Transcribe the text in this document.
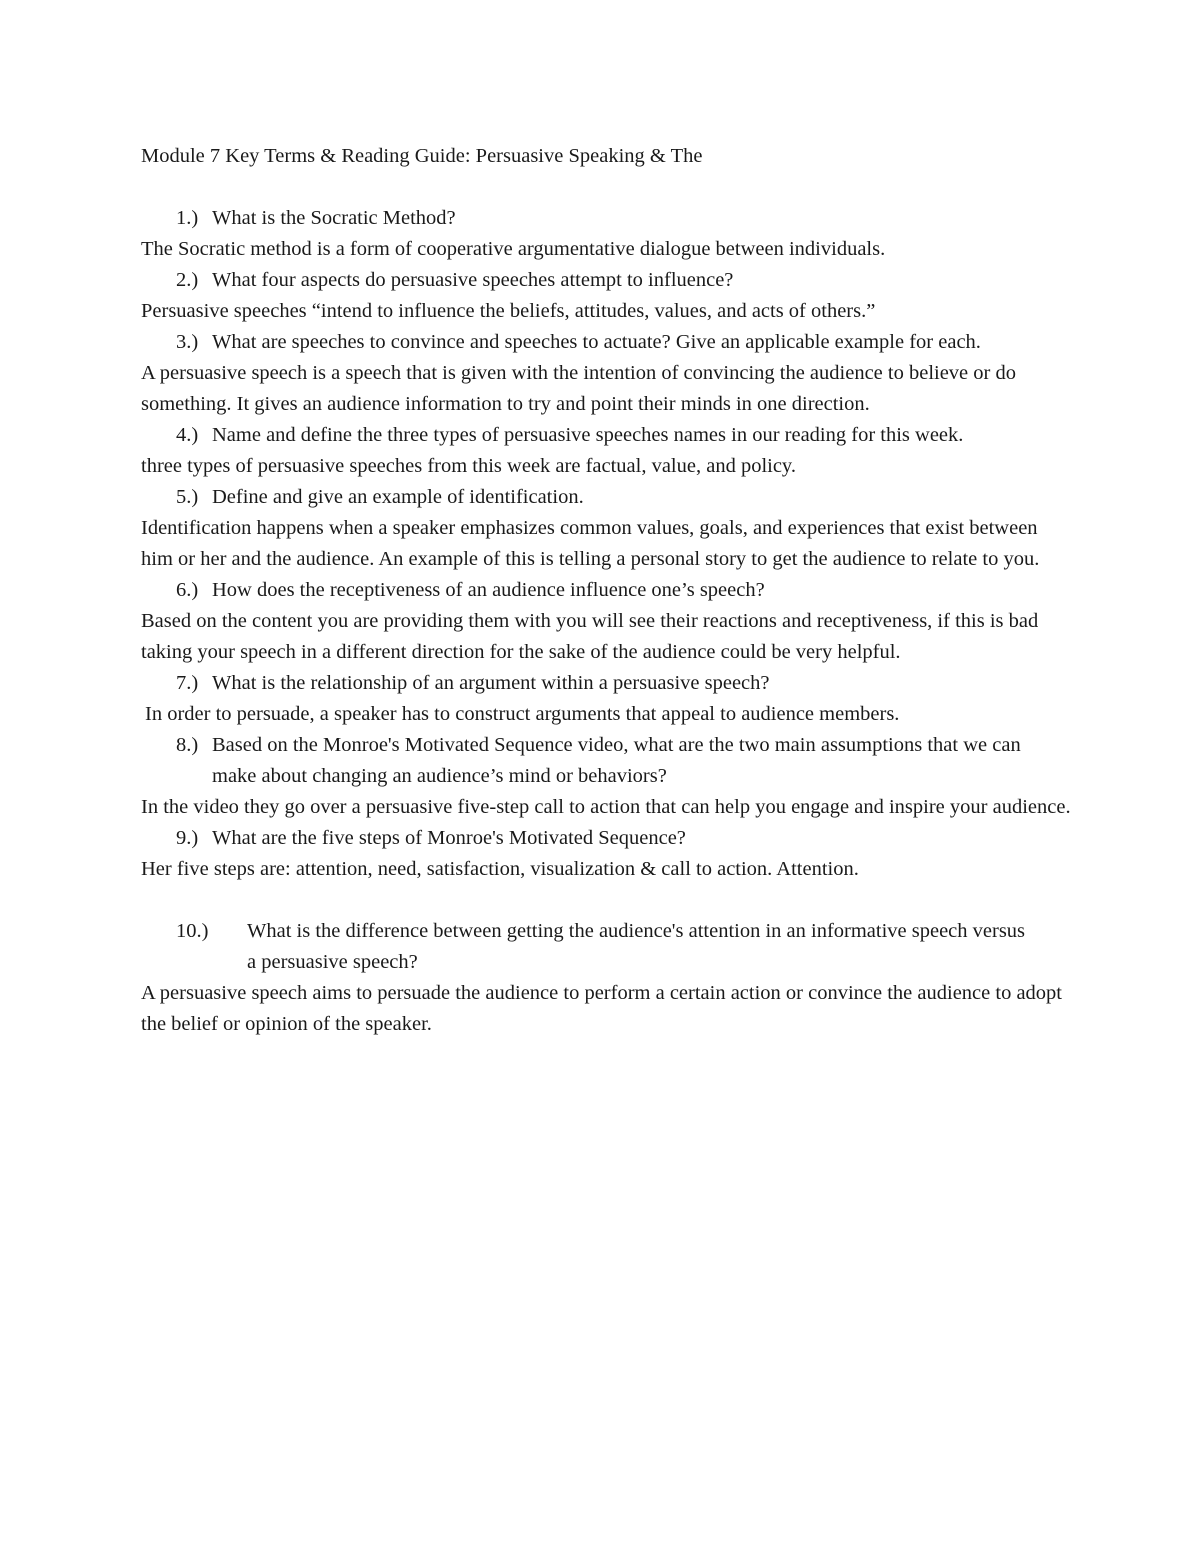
Module 7 Key Terms & Reading Guide: Persuasive Speaking & The
1.) What is the Socratic Method?
The Socratic method is a form of cooperative argumentative dialogue between individuals.
2.) What four aspects do persuasive speeches attempt to influence?
Persuasive speeches “intend to influence the beliefs, attitudes, values, and acts of others.”
3.) What are speeches to convince and speeches to actuate? Give an applicable example for each.
A persuasive speech is a speech that is given with the intention of convincing the audience to believe or do something. It gives an audience information to try and point their minds in one direction.
4.) Name and define the three types of persuasive speeches names in our reading for this week.
three types of persuasive speeches from this week are factual, value, and policy.
5.) Define and give an example of identification.
Identification happens when a speaker emphasizes common values, goals, and experiences that exist between him or her and the audience. An example of this is telling a personal story to get the audience to relate to you.
6.) How does the receptiveness of an audience influence one’s speech?
Based on the content you are providing them with you will see their reactions and receptiveness, if this is bad taking your speech in a different direction for the sake of the audience could be very helpful.
7.) What is the relationship of an argument within a persuasive speech?
In order to persuade, a speaker has to construct arguments that appeal to audience members.
8.) Based on the Monroe's Motivated Sequence video, what are the two main assumptions that we can make about changing an audience’s mind or behaviors?
In the video they go over a persuasive five-step call to action that can help you engage and inspire your audience.
9.) What are the five steps of Monroe's Motivated Sequence?
Her five steps are: attention, need, satisfaction, visualization & call to action. Attention.
10.)	What is the difference between getting the audience's attention in an informative speech versus a persuasive speech?
A persuasive speech aims to persuade the audience to perform a certain action or convince the audience to adopt the belief or opinion of the speaker.
